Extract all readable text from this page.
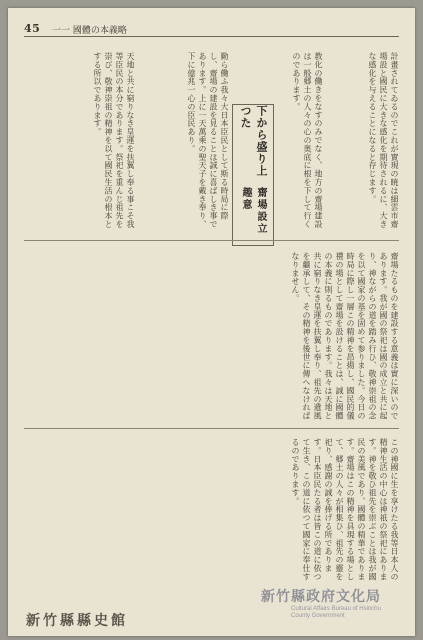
45 一一 國體の本義略
計畫されてゐるのでこれが實現の暁は細雲市齋場設と國民に大きな感化を期待されるに、大きな感化を与えることになると存じます。
教化の働きをなすのみでなく、地方の齋場建設は一般郷土の人々の心の奥底に根を下して行くのであります。
下から盛り上つた
齋場設立趣意
勤ら働ふ我々大日本臣民として斯る時局に際し、齋場の建設を見ることは誠に喜ばしき事であります。上に一天萬乘の聖天子を戴き奉り、下に億兆一心の臣民あり。
天地と共に窮りなき皇運を扶翼し奉る事こそ我等臣民の本分であります。祭祀を重んじ祖先を崇び、敬神崇祖の精神を以て國民生活の根本とする所以であります。
齋場たるものを建設する意義は實に深いのであります。我が國の祭祀は國の成立と共に起り、神ながらの道を踏み行ひ、敬神崇祖の念を以て國家の基を固めて参りました。今日の時局に際し一層この精神を昂揚し、國民的儀禮の場として齋場を設けることは、誠に國體の本義に則るものであります。我々は天地と共に窮りなき皇運を扶翼し奉り、祖先の遺風を繼承して、その精神を後世に傳へなければなりません。
この神國に生を享けたる我等日本人の精神生活の中心は神祇の祭祀にあります。神を敬ひ祖先を崇ぶことは我が國民の美風であり、國體の精華であります。齋場はこの精神を具現する場として、郷土の人々が相集ひ、祖先の靈を祀り、感謝の誠を捧げる所であります。日本臣民たる者は皆この道に依つて生き、この道に依つて國家に奉仕するのであります。
新竹縣縣史館
新竹縣政府文化局
Cultural Affairs Bureau of Hsinchu County Government
